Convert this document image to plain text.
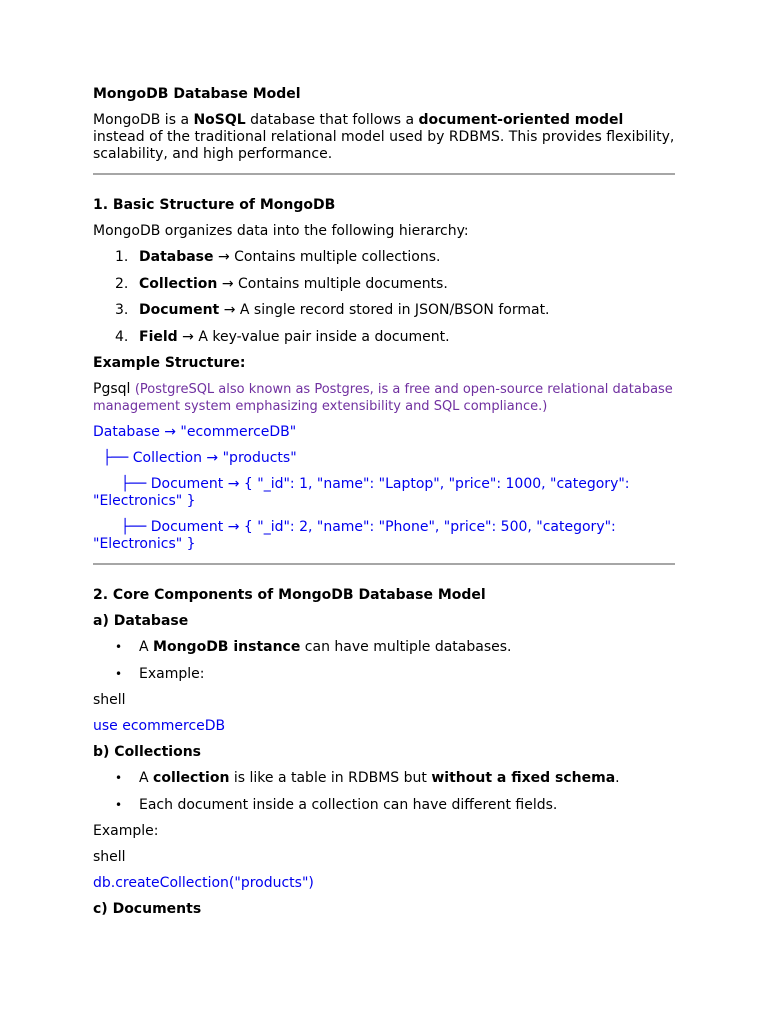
MongoDB Database Model

MongoDB is a NoSQL database that follows a document-oriented model instead of the traditional relational model used by RDBMS. This provides flexibility, scalability, and high performance.

1. Basic Structure of MongoDB

MongoDB organizes data into the following hierarchy:

1. Database → Contains multiple collections.
2. Collection → Contains multiple documents.
3. Document → A single record stored in JSON/BSON format.
4. Field → A key-value pair inside a document.
Example Structure:

Pgsql (PostgreSQL also known as Postgres, is a free and open-source relational database management system emphasizing extensibility and SQL compliance.)

Database → "ecommerceDB"
├── Collection → "products"
├── Document → { "_id": 1, "name": "Laptop", "price": 1000, "category": "Electronics" }
├── Document → { "_id": 2, "name": "Phone", "price": 500, "category": "Electronics" }
2. Core Components of MongoDB Database Model
a) Database
•	A MongoDB instance can have multiple databases.
•	Example:

shell

use ecommerceDB

b) Collections
•	A collection is like a table in RDBMS but without a fixed schema.
•	Each document inside a collection can have different fields.

Example:

shell

db.createCollection("products")

c) Documents
